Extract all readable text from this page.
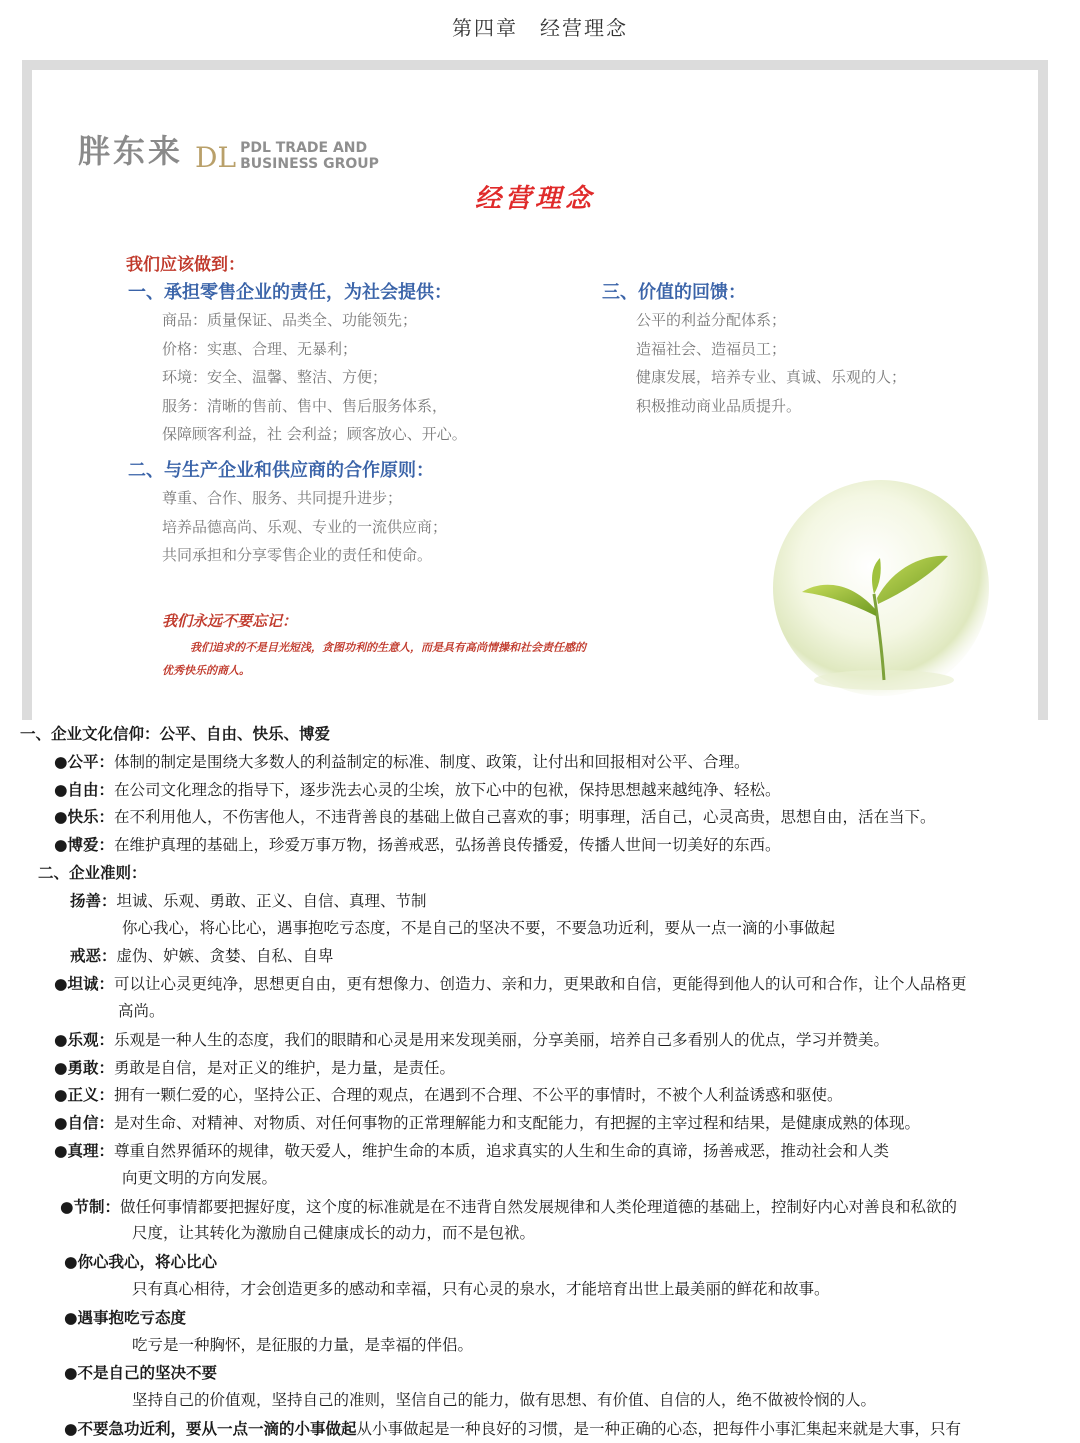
第四章　经营理念
胖东来 DL PDL TRADE AND
BUSINESS GROUP
经营理念
我们应该做到：
一、承担零售企业的责任，为社会提供：
商品：质量保证、品类全、功能领先；
价格：实惠、合理、无暴利；
环境：安全、温馨、整洁、方便；
服务：清晰的售前、售中、售后服务体系，
保障顾客利益，社 会利益；顾客放心、开心。
二、与生产企业和供应商的合作原则：
尊重、合作、服务、共同提升进步；
培养品德高尚、乐观、专业的一流供应商；
共同承担和分享零售企业的责任和使命。
三、价值的回馈：
公平的利益分配体系；
造福社会、造福员工；
健康发展，培养专业、真诚、乐观的人；
积极推动商业品质提升。
我们永远不要忘记：
我们追求的不是目光短浅，贪图功利的生意人，而是具有高尚情操和社会责任感的优秀快乐的商人。
一、企业文化信仰：公平、自由、快乐、博爱
●公平：体制的制定是围绕大多数人的利益制定的标准、制度、政策，让付出和回报相对公平、合理。
●自由：在公司文化理念的指导下，逐步洗去心灵的尘埃，放下心中的包袱，保持思想越来越纯净、轻松。
●快乐：在不利用他人，不伤害他人，不违背善良的基础上做自己喜欢的事；明事理，活自己，心灵高贵，思想自由，活在当下。
●博爱：在维护真理的基础上，珍爱万事万物，扬善戒恶，弘扬善良传播爱，传播人世间一切美好的东西。
二、企业准则：
扬善：坦诚、乐观、勇敢、正义、自信、真理、节制
你心我心，将心比心，遇事抱吃亏态度，不是自己的坚决不要，不要急功近利，要从一点一滴的小事做起
戒恶：虚伪、妒嫉、贪婪、自私、自卑
●坦诚：可以让心灵更纯净，思想更自由，更有想像力、创造力、亲和力，更果敢和自信，更能得到他人的认可和合作，让个人品格更
高尚。
●乐观：乐观是一种人生的态度，我们的眼睛和心灵是用来发现美丽，分享美丽，培养自己多看别人的优点，学习并赞美。
●勇敢：勇敢是自信，是对正义的维护，是力量，是责任。
●正义：拥有一颗仁爱的心，坚持公正、合理的观点，在遇到不合理、不公平的事情时，不被个人利益诱惑和驱使。
●自信：是对生命、对精神、对物质、对任何事物的正常理解能力和支配能力，有把握的主宰过程和结果，是健康成熟的体现。
●真理：尊重自然界循环的规律，敬天爱人，维护生命的本质，追求真实的人生和生命的真谛，扬善戒恶，推动社会和人类
向更文明的方向发展。
●节制：做任何事情都要把握好度，这个度的标准就是在不违背自然发展规律和人类伦理道德的基础上，控制好内心对善良和私欲的
尺度，让其转化为激励自己健康成长的动力，而不是包袱。
●你心我心，将心比心
只有真心相待，才会创造更多的感动和幸福，只有心灵的泉水，才能培育出世上最美丽的鲜花和故事。
●遇事抱吃亏态度
吃亏是一种胸怀，是征服的力量，是幸福的伴侣。
●不是自己的坚决不要
坚持自己的价值观，坚持自己的准则，坚信自己的能力，做有思想、有价值、自信的人，绝不做被怜悯的人。
●不要急功近利，要从一点一滴的小事做起从小事做起是一种良好的习惯，是一种正确的心态，把每件小事汇集起来就是大事，只有
